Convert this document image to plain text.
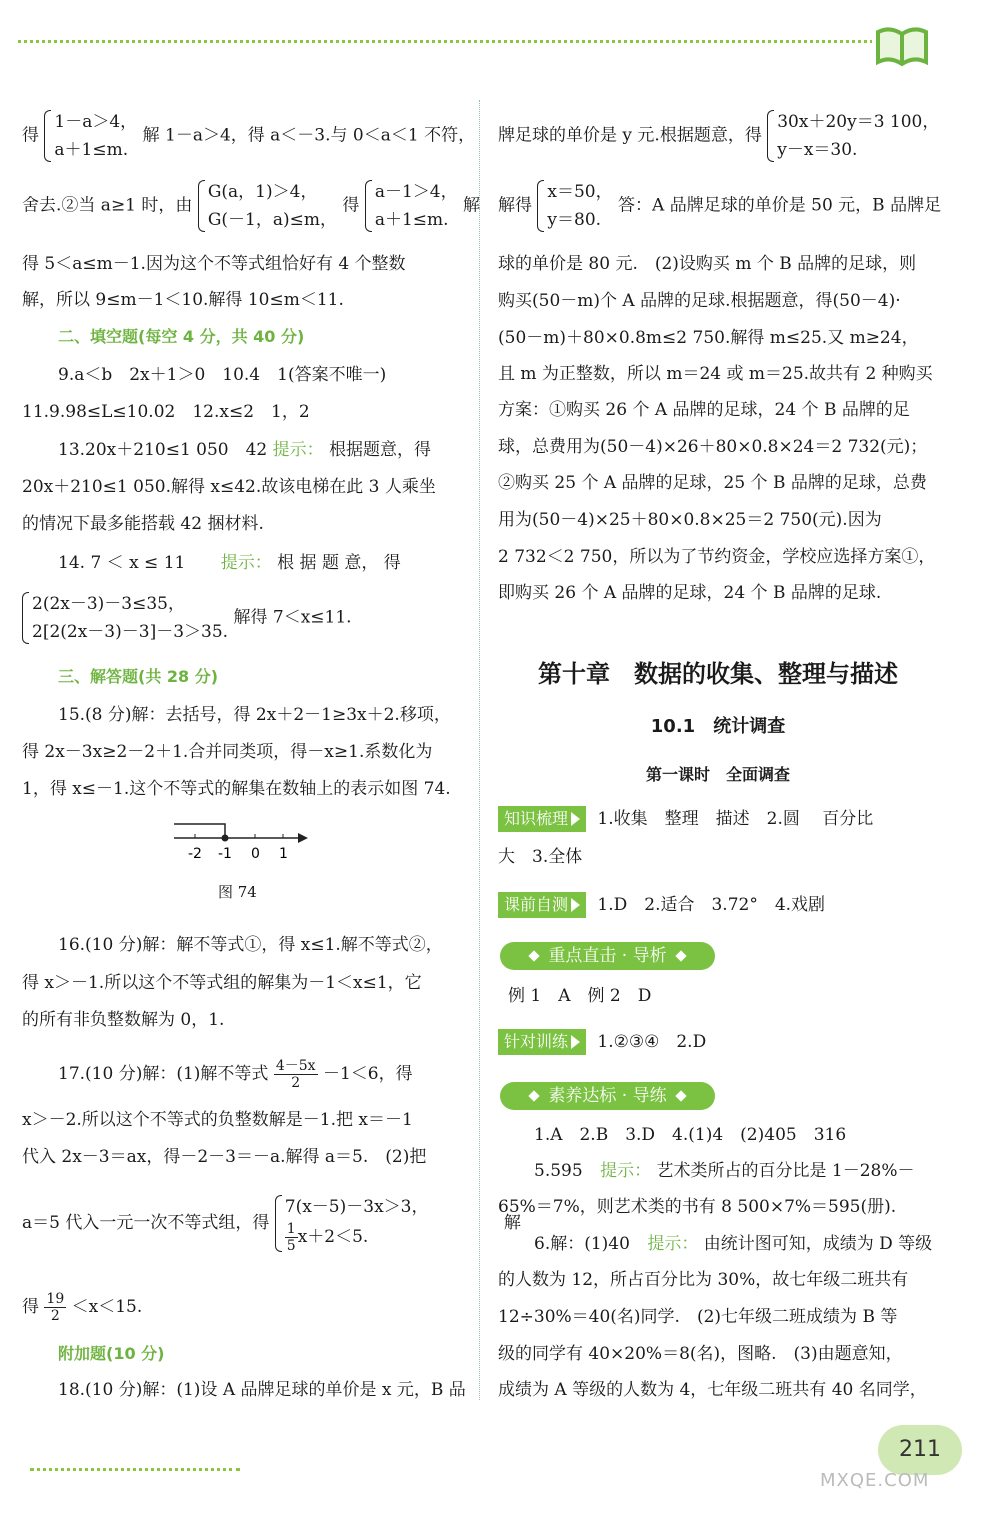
得
1－a＞4，
a＋1≤m.
解 1－a＞4，得 a＜－3.与 0＜a＜1 不符，
舍去.②当 a≥1 时，由
G(a，1)＞4，
G(－1，a)≤m，
得
a－1＞4，
a＋1≤m.
解
得 5＜a≤m－1.因为这个不等式组恰好有 4 个整数
解，所以 9≤m－1＜10.解得 10≤m＜11.
二、填空题(每空 4 分，共 40 分)
9.a＜b　2x＋1＞0　10.4　1(答案不唯一)
11.9.98≤L≤10.02　12.x≤2　1，2
13.20x＋210≤1 050　42 提示： 根据题意，得
20x＋210≤1 050.解得 x≤42.故该电梯在此 3 人乘坐
的情况下最多能搭载 42 捆材料.
14. 7 ＜ x ≤ 11 提示： 根 据 题 意， 得
2(2x－3)－3≤35，
2[2(2x－3)－3]－3＞35.
解得 7＜x≤11.
三、解答题(共 28 分)
15.(8 分)解：去括号，得 2x＋2－1≥3x＋2.移项，
得 2x－3x≥2－2＋1.合并同类项，得－x≥1.系数化为
1，得 x≤－1.这个不等式的解集在数轴上的表示如图 74.
-2 -1 0 1
图 74
16.(10 分)解：解不等式①，得 x≤1.解不等式②，
得 x＞－1.所以这个不等式组的解集为－1＜x≤1，它
的所有非负整数解为 0，1.
17.(10 分)解：(1)解不等式 $\frac{4-5x}{2} -1<6$，得
x＞－2.所以这个不等式的负整数解是－1.把 x＝－1
代入 2x－3＝ax，得－2－3＝－a.解得 a＝5.　(2)把
a＝5 代入一元一次不等式组，得
7(x－5)－3x＞3，
$\frac{1}{5} x+2<5$.
解
得 $\frac{19}{2} <x<15$.
附加题(10 分)
18.(10 分)解：(1)设 A 品牌足球的单价是 x 元，B 品
牌足球的单价是 y 元.根据题意，得
30x＋20y＝3 100，
y－x＝30.
解得
x＝50，
y＝80.
答：A 品牌足球的单价是 50 元，B 品牌足
球的单价是 80 元.　(2)设购买 m 个 B 品牌的足球，则
购买(50－m)个 A 品牌的足球.根据题意，得(50－4)·
(50－m)＋80×0.8m≤2 750.解得 m≤25.又 m≥24，
且 m 为正整数，所以 m＝24 或 m＝25.故共有 2 种购买
方案：①购买 26 个 A 品牌的足球，24 个 B 品牌的足
球，总费用为(50－4)×26＋80×0.8×24＝2 732(元)；
②购买 25 个 A 品牌的足球，25 个 B 品牌的足球，总费
用为(50－4)×25＋80×0.8×25＝2 750(元).因为
2 732＜2 750，所以为了节约资金，学校应选择方案①，
即购买 26 个 A 品牌的足球，24 个 B 品牌的足球.
第十章　数据的收集、整理与描述
10.1　统计调查
第一课时　全面调查
知识梳理 1.收集　整理　描述　2.圆　 百分比
大　3.全体
课前自测 1.D　2.适合　3.72°　4.戏剧
重点直击 · 导析
例 1　A　例 2　D
针对训练 1.②③④　2.D
素养达标 · 导练
1.A　2.B　3.D　4.(1)4　(2)405　316
5.595 提示： 艺术类所占的百分比是 1－28%－
65%＝7%，则艺术类的书有 8 500×7%＝595(册).
6.解：(1)40 提示： 由统计图可知，成绩为 D 等级
的人数为 12，所占百分比为 30%，故七年级二班共有
12÷30%＝40(名)同学.　(2)七年级二班成绩为 B 等
级的同学有 40×20%＝8(名)，图略.　(3)由题意知，
成绩为 A 等级的人数为 4，七年级二班共有 40 名同学，
211
MXQE.COM
